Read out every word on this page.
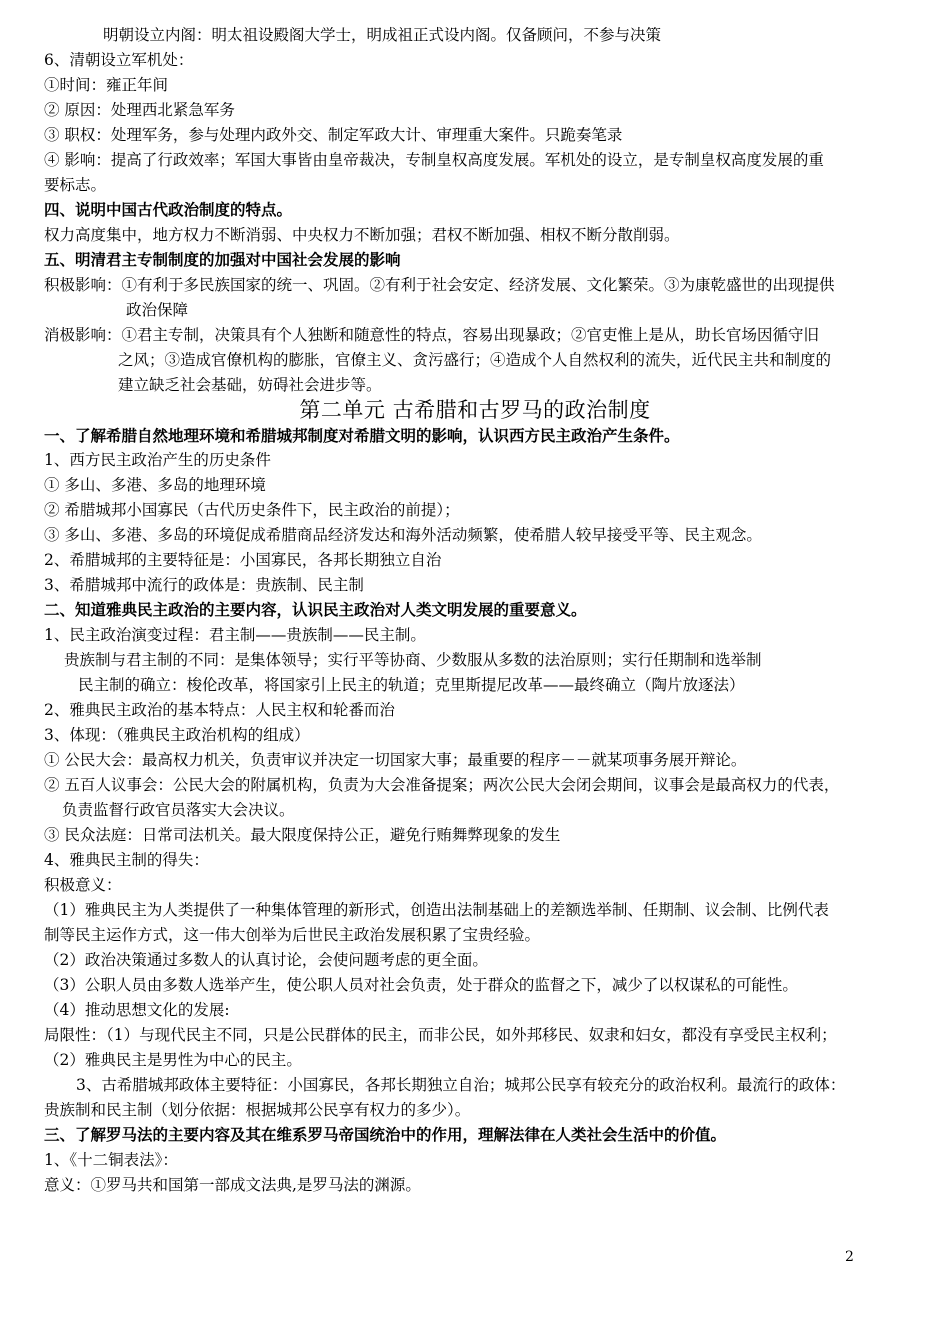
明朝设立内阁：明太祖设殿阁大学士，明成祖正式设内阁。仅备顾问，不参与决策
6、清朝设立军机处：
①时间：雍正年间
② 原因：处理西北紧急军务
③ 职权：处理军务，参与处理内政外交、制定军政大计、审理重大案件。只跪奏笔录
④ 影响：提高了行政效率；军国大事皆由皇帝裁决，专制皇权高度发展。军机处的设立，是专制皇权高度发展的重
要标志。
四、说明中国古代政治制度的特点。
权力高度集中，地方权力不断消弱、中央权力不断加强；君权不断加强、相权不断分散削弱。
五、明清君主专制制度的加强对中国社会发展的影响
积极影响：①有利于多民族国家的统一、巩固。②有利于社会安定、经济发展、文化繁荣。③为康乾盛世的出现提供
政治保障
消极影响：①君主专制，决策具有个人独断和随意性的特点，容易出现暴政；②官吏惟上是从，助长官场因循守旧
之风；③造成官僚机构的膨胀，官僚主义、贪污盛行；④造成个人自然权利的流失，近代民主共和制度的
建立缺乏社会基础，妨碍社会进步等。
第二单元 古希腊和古罗马的政治制度
一、了解希腊自然地理环境和希腊城邦制度对希腊文明的影响，认识西方民主政治产生条件。
1、西方民主政治产生的历史条件
① 多山、多港、多岛的地理环境
② 希腊城邦小国寡民（古代历史条件下，民主政治的前提）；
③ 多山、多港、多岛的环境促成希腊商品经济发达和海外活动频繁，使希腊人较早接受平等、民主观念。
2、希腊城邦的主要特征是：小国寡民，各邦长期独立自治
3、希腊城邦中流行的政体是：贵族制、民主制
二、知道雅典民主政治的主要内容，认识民主政治对人类文明发展的重要意义。
1、民主政治演变过程：君主制——贵族制——民主制。
贵族制与君主制的不同：是集体领导；实行平等协商、少数服从多数的法治原则；实行任期制和选举制
民主制的确立：梭伦改革，将国家引上民主的轨道；克里斯提尼改革——最终确立（陶片放逐法）
2、雅典民主政治的基本特点：人民主权和轮番而治
3、体现：（雅典民主政治机构的组成）
① 公民大会：最高权力机关，负责审议并决定一切国家大事；最重要的程序－－就某项事务展开辩论。
② 五百人议事会：公民大会的附属机构，负责为大会准备提案；两次公民大会闭会期间，议事会是最高权力的代表，
负责监督行政官员落实大会决议。
③ 民众法庭：日常司法机关。最大限度保持公正，避免行贿舞弊现象的发生
4、雅典民主制的得失：
积极意义：
（1）雅典民主为人类提供了一种集体管理的新形式，创造出法制基础上的差额选举制、任期制、议会制、比例代表
制等民主运作方式，这一伟大创举为后世民主政治发展积累了宝贵经验。
（2）政治决策通过多数人的认真讨论，会使问题考虑的更全面。
（3）公职人员由多数人选举产生，使公职人员对社会负责，处于群众的监督之下，减少了以权谋私的可能性。
（4）推动思想文化的发展:
局限性：（1）与现代民主不同，只是公民群体的民主，而非公民，如外邦移民、奴隶和妇女，都没有享受民主权利；
（2）雅典民主是男性为中心的民主。
3、古希腊城邦政体主要特征：小国寡民，各邦长期独立自治；城邦公民享有较充分的政治权利。最流行的政体：
贵族制和民主制（划分依据：根据城邦公民享有权力的多少）。
三、了解罗马法的主要内容及其在维系罗马帝国统治中的作用，理解法律在人类社会生活中的价值。
1、《十二铜表法》：
意义：①罗马共和国第一部成文法典,是罗马法的渊源。
2
